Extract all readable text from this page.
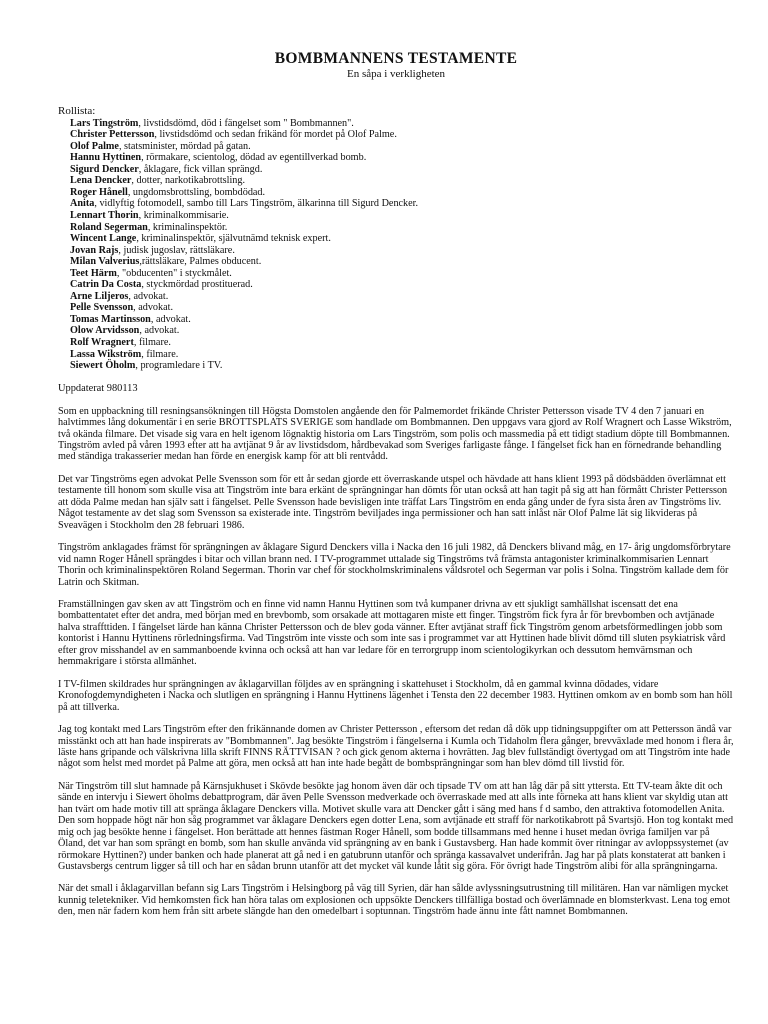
BOMBMANNENS TESTAMENTE
En såpa i verkligheten
Rollista:
Lars Tingström, livstidsdömd, död i fängelset som " Bombmannen".
Christer Pettersson, livstidsdömd och sedan frikänd för mordet på Olof Palme.
Olof Palme, statsminister, mördad på gatan.
Hannu Hyttinen, rörmakare, scientolog, dödad av egentillverkad bomb.
Sigurd Dencker, åklagare, fick villan sprängd.
Lena Dencker, dotter, narkotikabrottsling.
Roger Hånell, ungdomsbrottsling, bombdödad.
Anita, vidlyftig fotomodell, sambo till Lars Tingström, älkarinna till Sigurd Dencker.
Lennart Thorin, kriminalkommisarie.
Roland Segerman, kriminalinspektör.
Wincent Lange, kriminalinspektör, självutnämd teknisk expert.
Jovan Rajs, judisk jugoslav, rättsläkare.
Milan Valverius,rättsläkare, Palmes obducent.
Teet Härm, "obducenten" i styckmålet.
Catrin Da Costa, styckmördad prostituerad.
Arne Liljeros, advokat.
Pelle Svensson, advokat.
Tomas Martinsson, advokat.
Olow Arvidsson, advokat.
Rolf Wragnert, filmare.
Lassa Wikström, filmare.
Siewert Öholm, programledare i TV.
Uppdaterat 980113
Som en uppbackning till resningsansökningen till Högsta Domstolen angående den för Palmemordet frikände Christer Pettersson visade TV 4 den 7 januari en halvtimmes lång dokumentär i en serie BROTTSPLATS SVERIGE som handlade om Bombmannen. Den uppgavs vara gjord av Rolf Wragnert och Lasse Wikström, två okända filmare. Det visade sig vara en helt igenom lögnaktig historia om Lars Tingström, som polis och massmedia på ett tidigt stadium döpte till Bombmannen. Tingström avled på våren 1993 efter att ha avtjänat 9 år av livstidsdom, hårdbevakad som Sveriges farligaste fånge. I fängelset fick han en förnedrande behandling med ständiga trakasserier medan han förde en energisk kamp för att bli rentvådd.
Det var Tingströms egen advokat Pelle Svensson som för ett år sedan gjorde ett överraskande utspel och hävdade att hans klient 1993 på dödsbädden överlämnat ett testamente till honom som skulle visa att Tingström inte bara erkänt de sprängningar han dömts för utan också att han tagit på sig att han förmått Christer Pettersson att döda Palme medan han själv satt i fängelset. Pelle Svensson hade bevisligen inte träffat Lars Tingström en enda gång under de fyra sista åren av Tingströms liv. Något testamente av det slag som Svensson sa existerade inte. Tingström beviljades inga permissioner och han satt inlåst när Olof Palme lät sig likvideras på Sveavägen i Stockholm den 28 februari 1986.
Tingström anklagades främst för sprängningen av åklagare Sigurd Denckers villa i Nacka den 16 juli 1982, då Denckers blivand måg, en 17- årig ungdomsförbrytare vid namn Roger Hånell sprängdes i bitar och villan brann ned. I TV-programmet uttalade sig Tingströms två främsta antagonister kriminalkommisarien Lennart Thorin och kriminalinspektören Roland Segerman. Thorin var chef för stockholmskriminalens våldsrotel och Segerman var polis i Solna. Tingström kallade dem för Latrin och Skitman.
Framställningen gav sken av att Tingström och en finne vid namn Hannu Hyttinen som två kumpaner drivna av ett sjukligt samhällshat iscensatt det ena bombattentatet efter det andra, med början med en brevbomb, som orsakade att mottagaren miste ett finger. Tingström fick fyra år för brevbomben och avtjänade halva straffttiden. I fängelset lärde han känna Christer Pettersson och de blev goda vänner. Efter avtjänat straff fick Tingström genom arbetsförmedlingen jobb som kontorist i Hannu Hyttinens rörledningsfirma. Vad Tingström inte visste och som inte sas i programmet var att Hyttinen hade blivit dömd till sluten psykiatrisk vård efter grov misshandel av en sammanboende kvinna och också att han var ledare för en terrorgrupp inom scientologikyrkan och dessutom hemvärnsman och hemmakrigare i största allmänhet.
I TV-filmen skildrades hur sprängningen av åklagarvillan följdes av en sprängning i skattehuset i Stockholm, då en gammal kvinna dödades, vidare Kronofogdemyndigheten i Nacka och slutligen en sprängning i Hannu Hyttinens lägenhet i Tensta den 22 december 1983. Hyttinen omkom av en bomb som han höll på att tillverka.
Jag tog kontakt med Lars Tingström efter den frikännande domen av Christer Pettersson , eftersom det redan då dök upp tidningsuppgifter om att Pettersson ändå var misstänkt och att han hade inspirerats av "Bombmannen". Jag besökte Tingström i fängelserna i Kumla och Tidaholm flera gånger, brevväxlade med honom i flera år, läste hans gripande och välskrivna lilla skrift FINNS RÄTTVISAN ? och gick genom akterna i hovrätten. Jag blev fullständigt övertygad om att Tingström inte hade något som helst med mordet på Palme att göra, men också att han inte hade begått de bombsprängningar som han blev dömd till livstid för.
När Tingström till slut hamnade på Kärnsjukhuset i Skövde besökte jag honom även där och tipsade TV om att han låg där på sitt yttersta. Ett TV-team åkte dit och sände en intervju i Siewert öholms debattprogram, där även Pelle Svensson medverkade och överraskade med att alls inte förneka att hans klient var skyldig utan att han tvärt om hade motiv till att spränga åklagare Denckers villa. Motivet skulle vara att Dencker gått i säng med hans f d sambo, den attraktiva fotomodellen Anita. Den som hoppade högt när hon såg programmet var åklagare Denckers egen dotter Lena, som avtjänade ett straff för narkotikabrott på Svartsjö. Hon tog kontakt med mig och jag besökte henne i fängelset. Hon berättade att hennes fästman Roger Hånell, som bodde tillsammans med henne i huset medan övriga familjen var på Öland, det var han som sprängt en bomb, som han skulle använda vid sprängning av en bank i Gustavsberg. Han hade kommit över ritningar av avloppssystemet (av rörmokare Hyttinen?) under banken och hade planerat att gå ned i en gatubrunn utanför och spränga kassavalvet underifrån. Jag har på plats konstaterat att banken i Gustavsbergs centrum ligger så till och har en sådan brunn utanför att det mycket väl kunde låtit sig göra. För övrigt hade Tingström alibi för alla sprängningarna.
När det small i åklagarvillan befann sig Lars Tingström i Helsingborg på väg till Syrien, där han sålde avlyssningsutrustning till militären. Han var nämligen mycket kunnig teletekniker. Vid hemkomsten fick han höra talas om explosionen och uppsökte Denckers tillfälliga bostad och överlämnade en blomsterkvast. Lena tog emot den, men när fadern kom hem från sitt arbete slängde han den omedelbart i soptunnan. Tingström hade ännu inte fått namnet Bombmannen.
